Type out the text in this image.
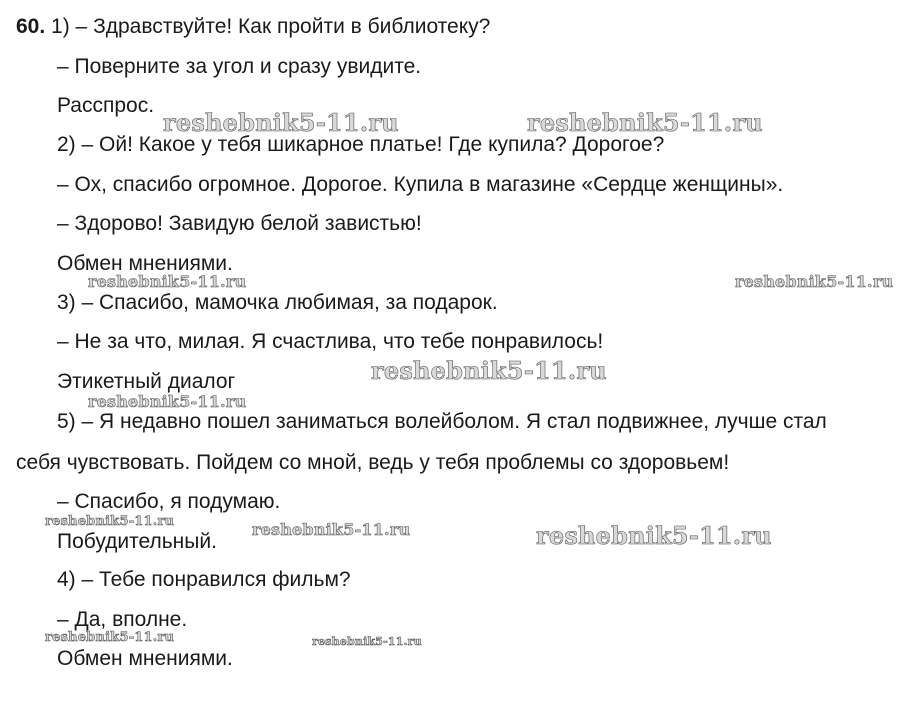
60. 1) – Здравствуйте! Как пройти в библиотеку?
– Поверните за угол и сразу увидите.
Расспрос.
2) – Ой! Какое у тебя шикарное платье! Где купила? Дорогое?
– Ох, спасибо огромное. Дорогое. Купила в магазине «Сердце женщины».
– Здорово! Завидую белой завистью!
Обмен мнениями.
3) – Спасибо, мамочка любимая, за подарок.
– Не за что, милая. Я счастлива, что тебе понравилось!
Этикетный диалог
5) – Я недавно пошел заниматься волейболом. Я стал подвижнее, лучше стал
себя чувствовать. Пойдем со мной, ведь у тебя проблемы со здоровьем!
– Спасибо, я подумаю.
Побудительный.
4) – Тебе понравился фильм?
– Да, вполне.
Обмен мнениями.
reshebnik5-11.ru	reshebnik5-11.ru
reshebnik5-11.ru	reshebnik5-11.ru
reshebnik5-11.ru
reshebnik5-11.ru
reshebnik5-11.ru	reshebnik5-11.ru	reshebnik5-11.ru
reshebnik5-11.ru	reshebnik5-11.ru
